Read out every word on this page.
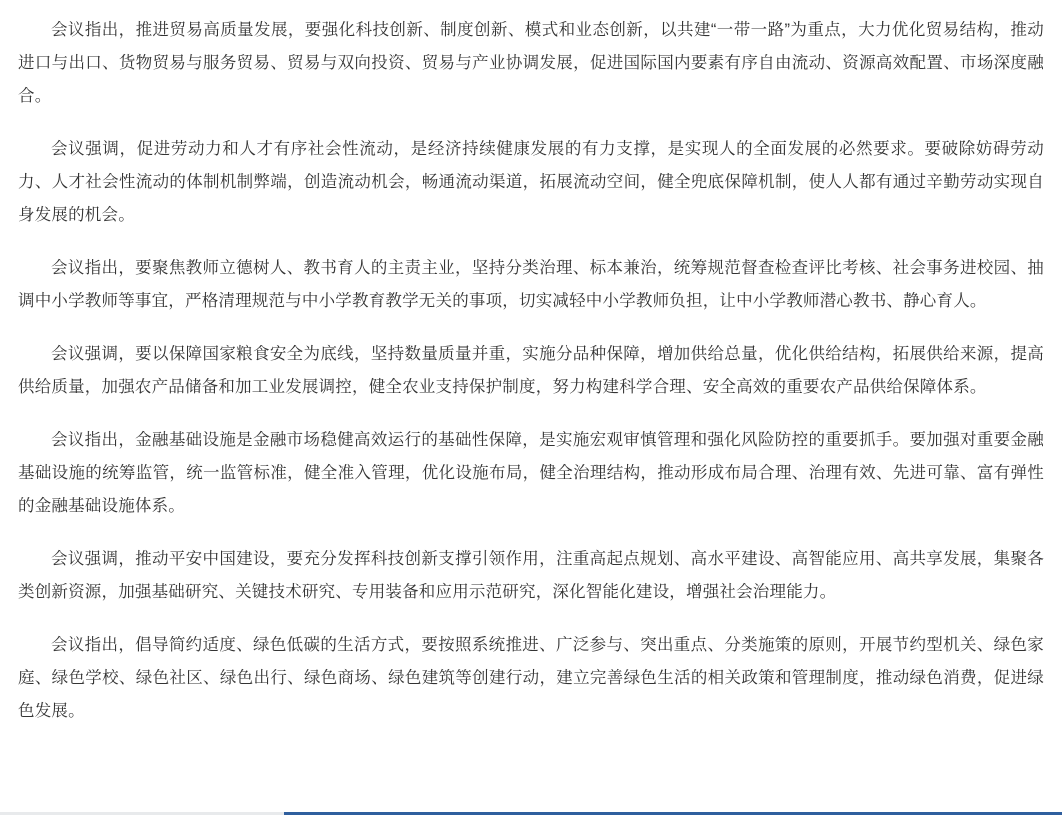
会议指出，推进贸易高质量发展，要强化科技创新、制度创新、模式和业态创新，以共建“一带一路”为重点，大力优化贸易结构，推动进口与出口、货物贸易与服务贸易、贸易与双向投资、贸易与产业协调发展，促进国际国内要素有序自由流动、资源高效配置、市场深度融合。

会议强调，促进劳动力和人才有序社会性流动，是经济持续健康发展的有力支撑，是实现人的全面发展的必然要求。要破除妨碍劳动力、人才社会性流动的体制机制弊端，创造流动机会，畅通流动渠道，拓展流动空间，健全兜底保障机制，使人人都有通过辛勤劳动实现自身发展的机会。

会议指出，要聚焦教师立德树人、教书育人的主责主业，坚持分类治理、标本兼治，统筹规范督查检查评比考核、社会事务进校园、抽调中小学教师等事宜，严格清理规范与中小学教育教学无关的事项，切实减轻中小学教师负担，让中小学教师潜心教书、静心育人。

会议强调，要以保障国家粮食安全为底线，坚持数量质量并重，实施分品种保障，增加供给总量，优化供给结构，拓展供给来源，提高供给质量，加强农产品储备和加工业发展调控，健全农业支持保护制度，努力构建科学合理、安全高效的重要农产品供给保障体系。

会议指出，金融基础设施是金融市场稳健高效运行的基础性保障，是实施宏观审慎管理和强化风险防控的重要抓手。要加强对重要金融基础设施的统筹监管，统一监管标准，健全准入管理，优化设施布局，健全治理结构，推动形成布局合理、治理有效、先进可靠、富有弹性的金融基础设施体系。

会议强调，推动平安中国建设，要充分发挥科技创新支撑引领作用，注重高起点规划、高水平建设、高智能应用、高共享发展，集聚各类创新资源，加强基础研究、关键技术研究、专用装备和应用示范研究，深化智能化建设，增强社会治理能力。

会议指出，倡导简约适度、绿色低碳的生活方式，要按照系统推进、广泛参与、突出重点、分类施策的原则，开展节约型机关、绿色家庭、绿色学校、绿色社区、绿色出行、绿色商场、绿色建筑等创建行动，建立完善绿色生活的相关政策和管理制度，推动绿色消费，促进绿色发展。
